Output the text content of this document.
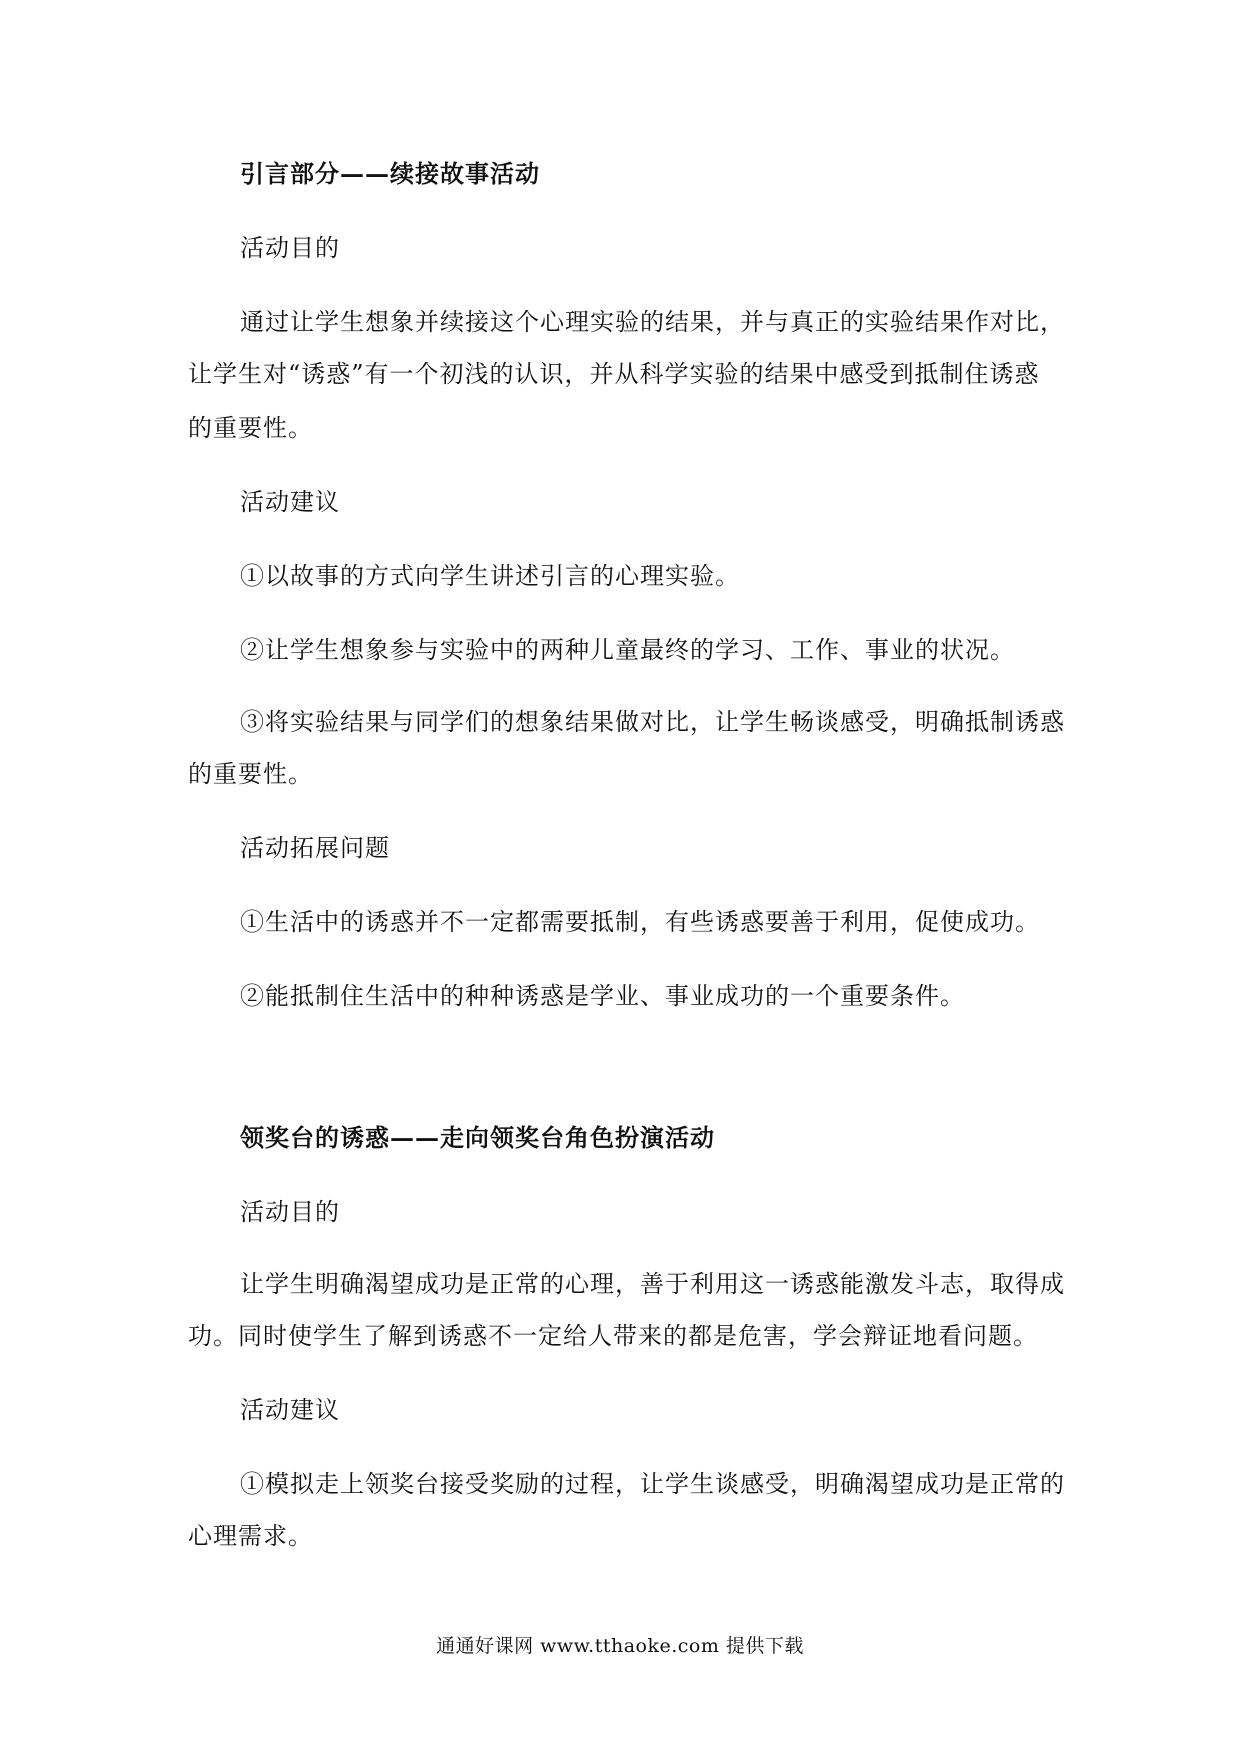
引言部分——续接故事活动
活动目的
通过让学生想象并续接这个心理实验的结果，并与真正的实验结果作对比，
让学生对“诱惑”有一个初浅的认识，并从科学实验的结果中感受到抵制住诱惑
的重要性。
活动建议
①以故事的方式向学生讲述引言的心理实验。
②让学生想象参与实验中的两种儿童最终的学习、工作、事业的状况。
③将实验结果与同学们的想象结果做对比，让学生畅谈感受，明确抵制诱惑
的重要性。
活动拓展问题
①生活中的诱惑并不一定都需要抵制，有些诱惑要善于利用，促使成功。
②能抵制住生活中的种种诱惑是学业、事业成功的一个重要条件。
领奖台的诱惑——走向领奖台角色扮演活动
活动目的
让学生明确渴望成功是正常的心理，善于利用这一诱惑能激发斗志，取得成
功。同时使学生了解到诱惑不一定给人带来的都是危害，学会辩证地看问题。
活动建议
①模拟走上领奖台接受奖励的过程，让学生谈感受，明确渴望成功是正常的
心理需求。
通通好课网 www.tthaoke.com 提供下载
